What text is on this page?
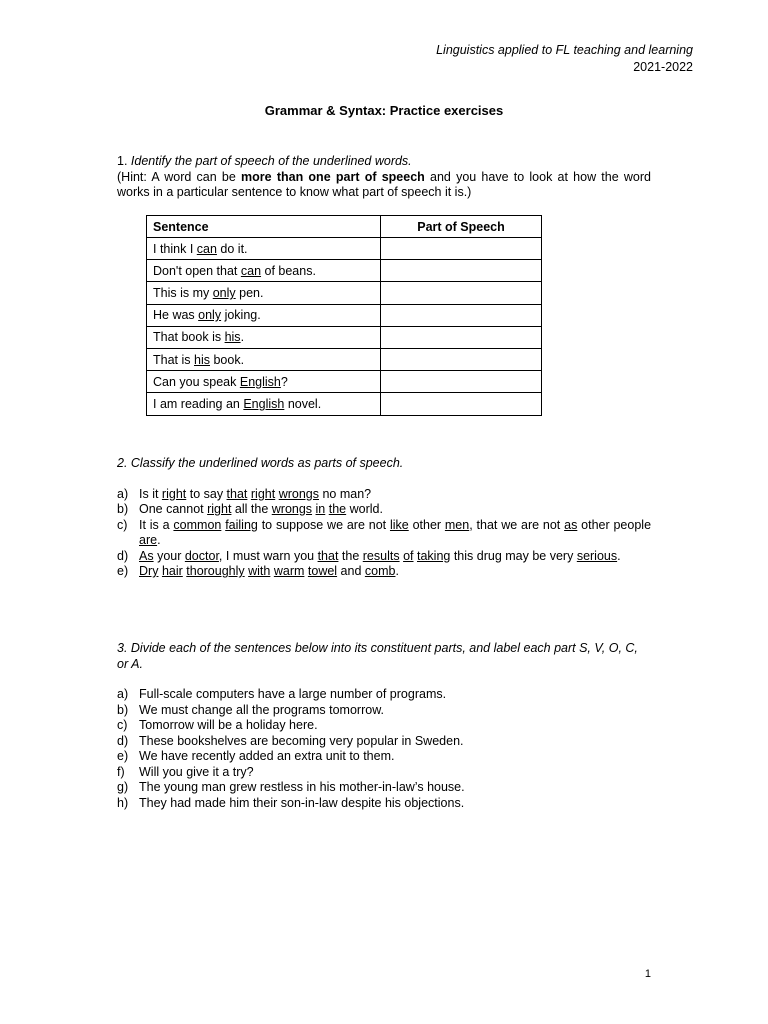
Linguistics applied to FL teaching and learning
2021-2022
Grammar & Syntax: Practice exercises

1. Identify the part of speech of the underlined words.

(Hint: A word can be more than one part of speech and you have to look at how the word works in a particular sentence to know what part of speech it is.)

Sentence	Part of Speech
I think I can do it.	
Don't open that can of beans.	
This is my only pen.	
He was only joking.	
That book is his.	
That is his book.	
Can you speak English?	
I am reading an English novel.	

2. Classify the underlined words as parts of speech.

a) Is it right to say that right wrongs no man?
b) One cannot right all the wrongs in the world.
c) It is a common failing to suppose we are not like other men, that we are not as other people are.
d) As your doctor, I must warn you that the results of taking this drug may be very serious.
e) Dry hair thoroughly with warm towel and comb.

3. Divide each of the sentences below into its constituent parts, and label each part S, V, O, C, or A.

a) Full-scale computers have a large number of programs.
b) We must change all the programs tomorrow.
c) Tomorrow will be a holiday here.
d) These bookshelves are becoming very popular in Sweden.
e) We have recently added an extra unit to them.
f) Will you give it a try?
g) The young man grew restless in his mother-in-law’s house.
h) They had made him their son-in-law despite his objections.
1
